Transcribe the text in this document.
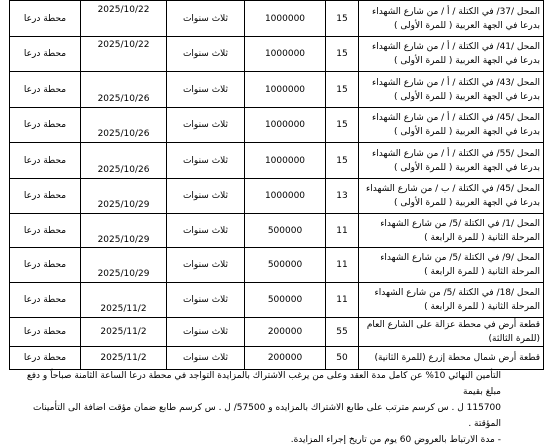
المحل /37/ في الكتلة / أ / من شارع الشهداء بدرعا في الجهة العربية ( للمرة الأولى )	15	1000000	ثلاث سنوات	2025/10/22	محطة درعا
المحل /41/ في الكتلة / أ / من شارع الشهداء بدرعا في الجهة العربية ( للمرة الأولى )	15	1000000	ثلاث سنوات	2025/10/22	محطة درعا
المحل /43/ في الكتلة / أ / من شارع الشهداء بدرعا في الجهة العربية ( للمرة الأولى )	15	1000000	ثلاث سنوات	2025/10/26	محطة درعا
المحل /45/ في الكتلة / أ / من شارع الشهداء بدرعا في الجهة العربية ( للمرة الأولى )	15	1000000	ثلاث سنوات	2025/10/26	محطة درعا
المحل /55/ في الكتلة / أ / من شارع الشهداء بدرعا في الجهة العربية ( للمرة الأولى )	15	1000000	ثلاث سنوات	2025/10/26	محطة درعا
المحل /45/ في الكتلة / ب / من شارع الشهداء بدرعا في الجهة العربية ( للمرة الأولى )	13	1000000	ثلاث سنوات	2025/10/29	محطة درعا
المحل /1/ في الكتلة /5/ من شارع الشهداء المرحلة الثانية ( للمرة الرابعة )	11	500000	ثلاث سنوات	2025/10/29	محطة درعا
المحل /9/ في الكتلة /5/ من شارع الشهداء المرحلة الثانية ( للمرة الرابعة )	11	500000	ثلاث سنوات	2025/10/29	محطة درعا
المحل /18/ في الكتلة /5/ من شارع الشهداء المرحلة الثانية ( للمرة الرابعة )	11	500000	ثلاث سنوات	2025/11/2	محطة درعا
قطعة أرض في محطة عزالة على الشارع العام (للمرة الثالثة)	55	200000	ثلاث سنوات	2025/11/2	محطة درعا
قطعة أرض شمال محطة إزرع (للمرة الثانية)	50	200000	ثلاث سنوات	2025/11/2	محطة درعا

التأمين النهائي 10% عن كامل مدة العقد وعلى من يرغب الاشتراك بالمزايدة التواجد في محطة درعا الساعة الثامنة صباحاً و دفع مبلغ بقيمة

115700 ل . س كرسم مترتب على طابع الاشتراك بالمزايده و 57500/ ل . س كرسم طابع ضمان مؤقت اضافة الى التأمينات المؤقتة .

- مدة الارتباط بالعروض 60 يوم من تاريخ إجراء المزايدة.
